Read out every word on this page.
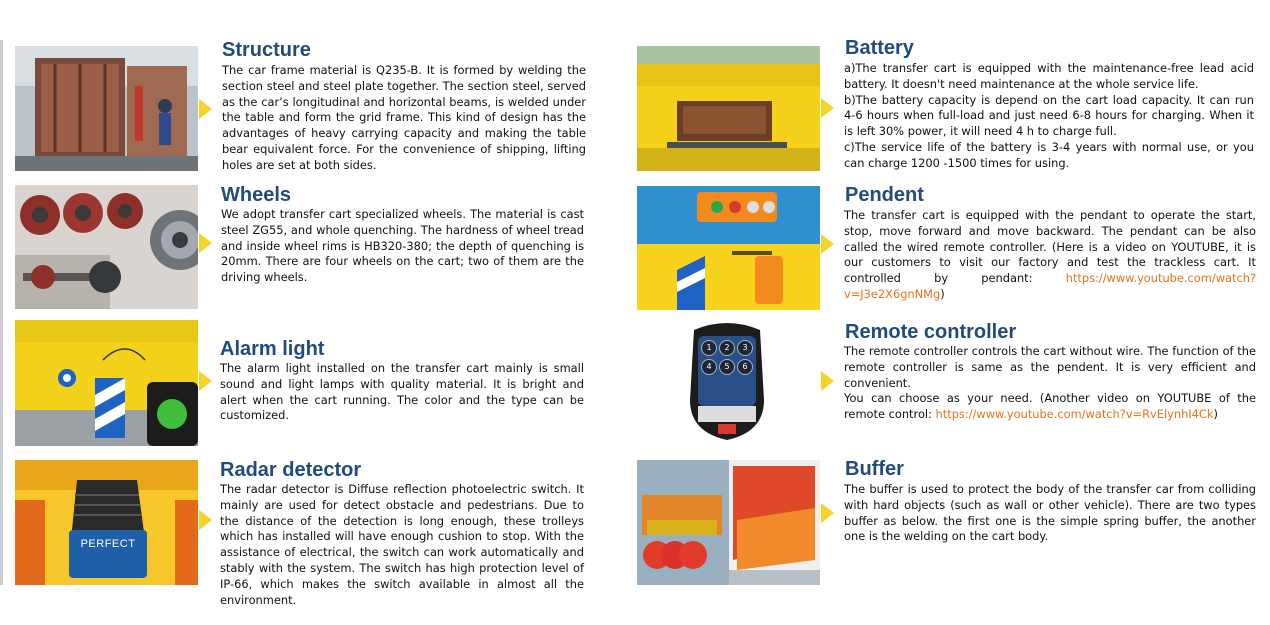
Structure
The car frame material is Q235-B. It is formed by welding the section steel and steel plate together. The section steel, served as the car’s longitudinal and horizontal beams, is welded under the table and form the grid frame. This kind of design has the advantages of heavy carrying capacity and making the table bear equivalent force. For the convenience of shipping, lifting holes are set at both sides.
Wheels
We adopt transfer cart specialized wheels. The material is cast steel ZG55, and whole quenching. The hardness of wheel tread and inside wheel rims is HB320-380; the depth of quenching is 20mm. There are four wheels on the cart; two of them are the driving wheels.
Alarm light
The alarm light installed on the transfer cart mainly is small sound and light lamps with quality material. It is bright and alert when the cart running. The color and the type can be customized.
PERFECT
Radar detector
The radar detector is Diffuse reflection photoelectric switch. It mainly are used for detect obstacle and pedestrians. Due to the distance of the detection is long enough, these trolleys which has installed will have enough cushion to stop. With the assistance of electrical, the switch can work automatically and stably with the system. The switch has high protection level of IP-66, which makes the switch available in almost all the environment.
Battery

a)The transfer cart is equipped with the maintenance-free lead acid battery. It doesn't need maintenance at the whole service life.

b)The battery capacity is depend on the cart load capacity. It can run 4-6 hours when full-load and just need 6-8 hours for charging. When it is left 30% power, it will need 4 h to charge full.

c)The service life of the battery is 3-4 years with normal use, or you can charge 1200 -1500 times for using.

Pendent
The transfer cart is equipped with the pendant to operate the start, stop, move forward and move backward. The pendant can be also called the wired remote controller. (Here is a video on YOUTUBE, it is our customers to visit our factory and test the trackless cart. It controlled by pendant: https://www.youtube.com/watch?v=J3e2X6gnNMg)
1	2	3
4	5	6
Remote controller

The remote controller controls the cart without wire. The function of the remote controller is same as the pendent. It is very efficient and convenient.

You can choose as your need. (Another video on YOUTUBE of the remote control: https://www.youtube.com/watch?v=RvElynhI4Ck)

Buffer
The buffer is used to protect the body of the transfer car from colliding with hard objects (such as wall or other vehicle). There are two types buffer as below. the first one is the simple spring buffer, the another one is the welding on the cart body.
